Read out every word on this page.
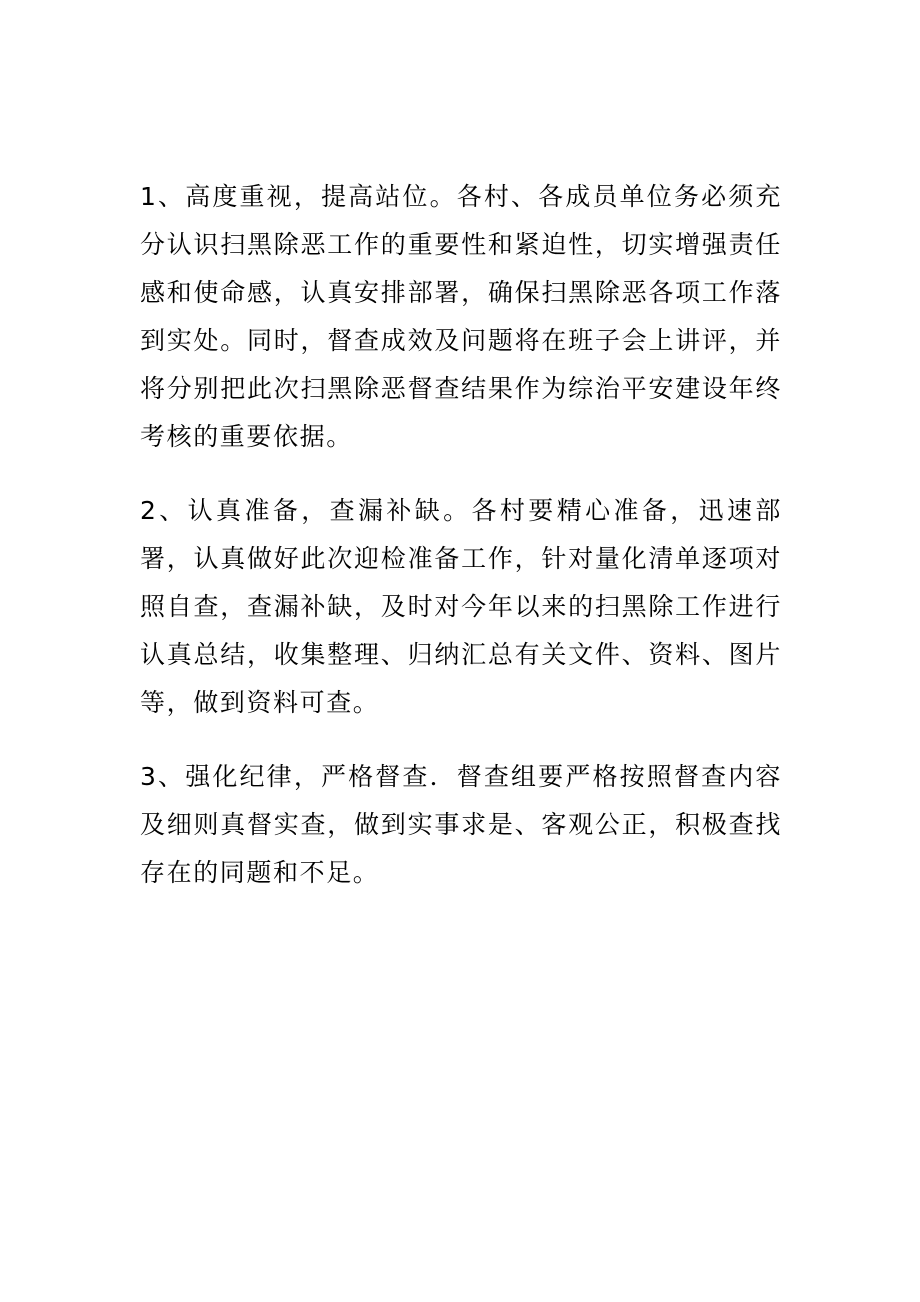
1、高度重视，提高站位。各村、各成员单位务必须充分认识扫黑除恶工作的重要性和紧迫性，切实增强责任感和使命感，认真安排部署，确保扫黑除恶各项工作落到实处。同时，督查成效及问题将在班子会上讲评，并将分别把此次扫黑除恶督查结果作为综治平安建设年终考核的重要依据。

2、认真准备，查漏补缺。各村要精心准备，迅速部署，认真做好此次迎检准备工作，针对量化清单逐项对照自查，查漏补缺，及时对今年以来的扫黑除工作进行认真总结，收集整理、归纳汇总有关文件、资料、图片等，做到资料可查。

3、强化纪律，严格督查．督查组要严格按照督查内容及细则真督实查，做到实事求是、客观公正，积极查找存在的同题和不足。
